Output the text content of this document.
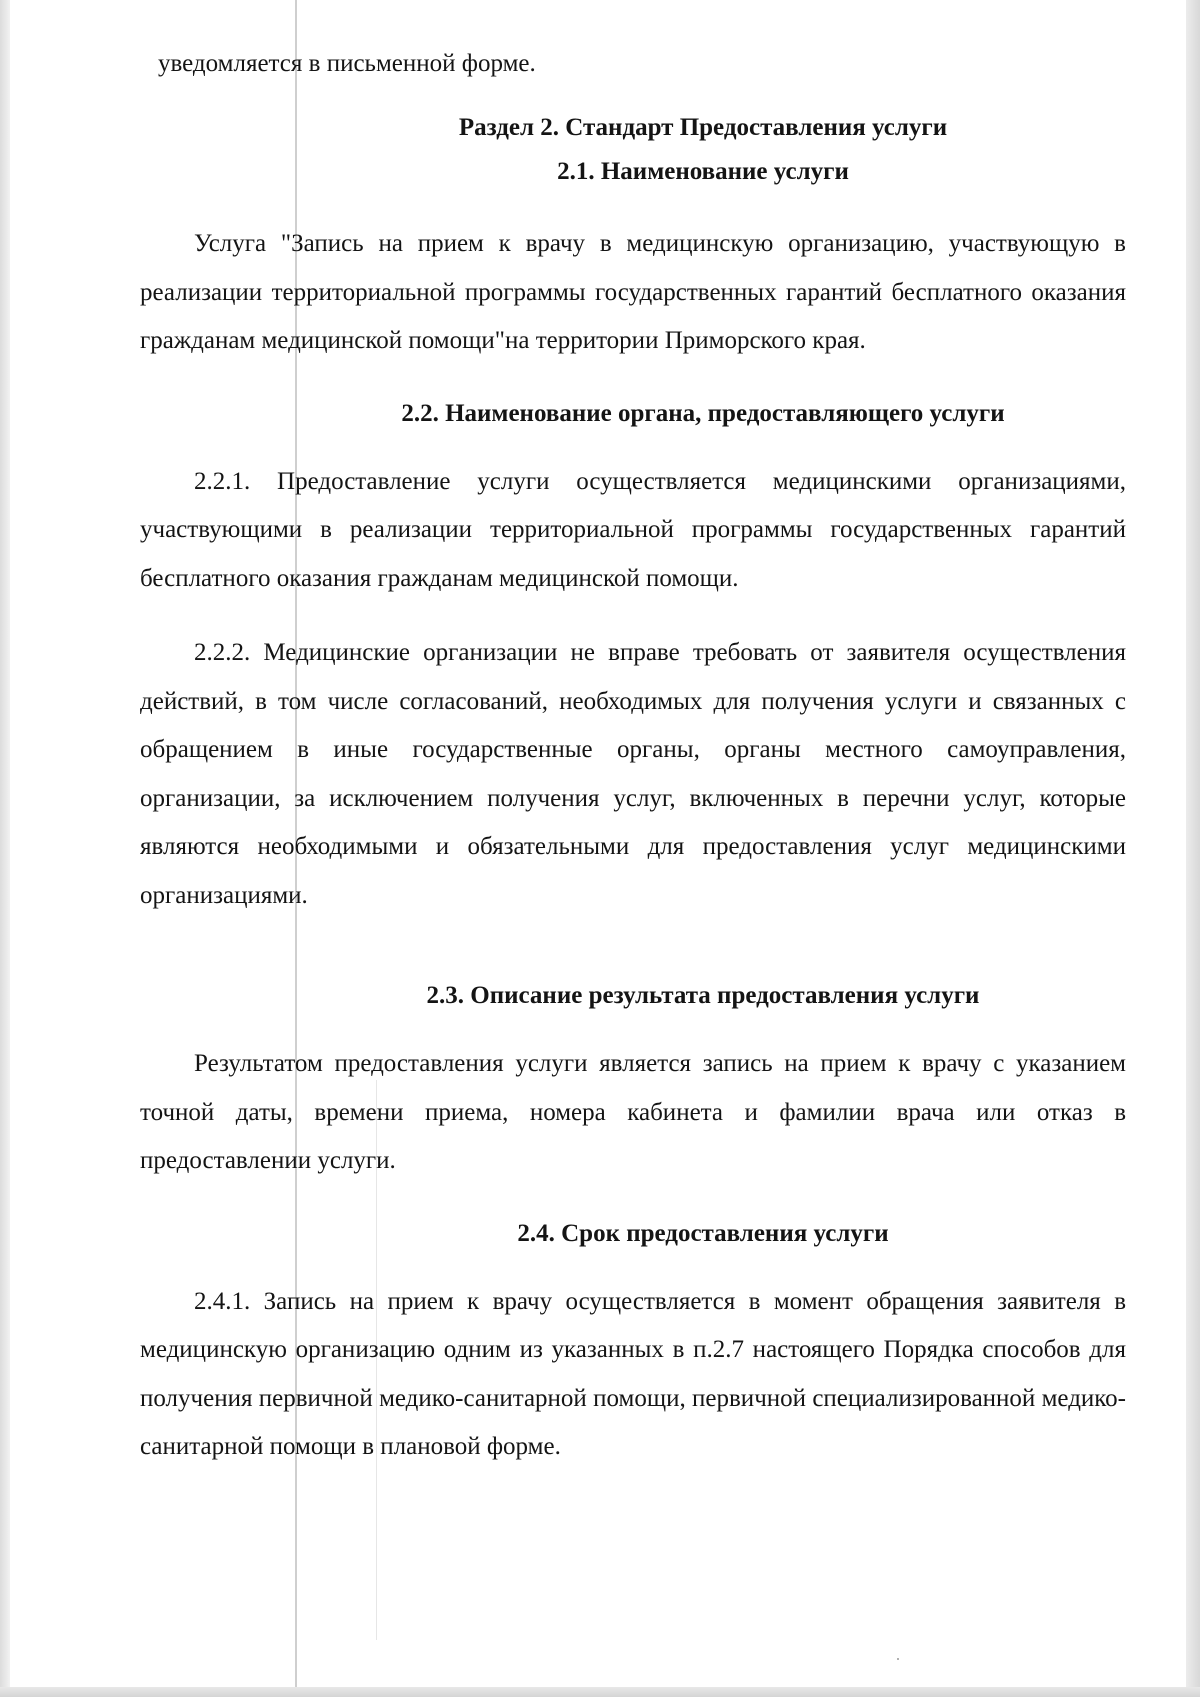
уведомляется в письменной форме.

Раздел 2. Стандарт Предоставления услуги

2.1. Наименование услуги

Услуга "Запись на прием к врачу в медицинскую организацию, участвующую в реализации территориальной программы государственных гарантий бесплатного оказания гражданам медицинской помощи"на территории Приморского края.

2.2. Наименование органа, предоставляющего услуги

2.2.1. Предоставление услуги осуществляется медицинскими организациями, участвующими в реализации территориальной программы государственных гарантий бесплатного оказания гражданам медицинской помощи.

2.2.2. Медицинские организации не вправе требовать от заявителя осуществления действий, в том числе согласований, необходимых для получения услуги и связанных с обращением в иные государственные органы, органы местного самоуправления, организации, за исключением получения услуг, включенных в перечни услуг, которые являются необходимыми и обязательными для предоставления услуг медицинскими организациями.

2.3. Описание результата предоставления услуги

Результатом предоставления услуги является запись на прием к врачу с указанием точной даты, времени приема, номера кабинета и фамилии врача или отказ в предоставлении услуги.

2.4. Срок предоставления услуги

2.4.1. Запись на прием к врачу осуществляется в момент обращения заявителя в медицинскую организацию одним из указанных в п.2.7 настоящего Порядка способов для получения первичной медико-санитарной помощи, первичной специализированной медико-санитарной помощи в плановой форме.
